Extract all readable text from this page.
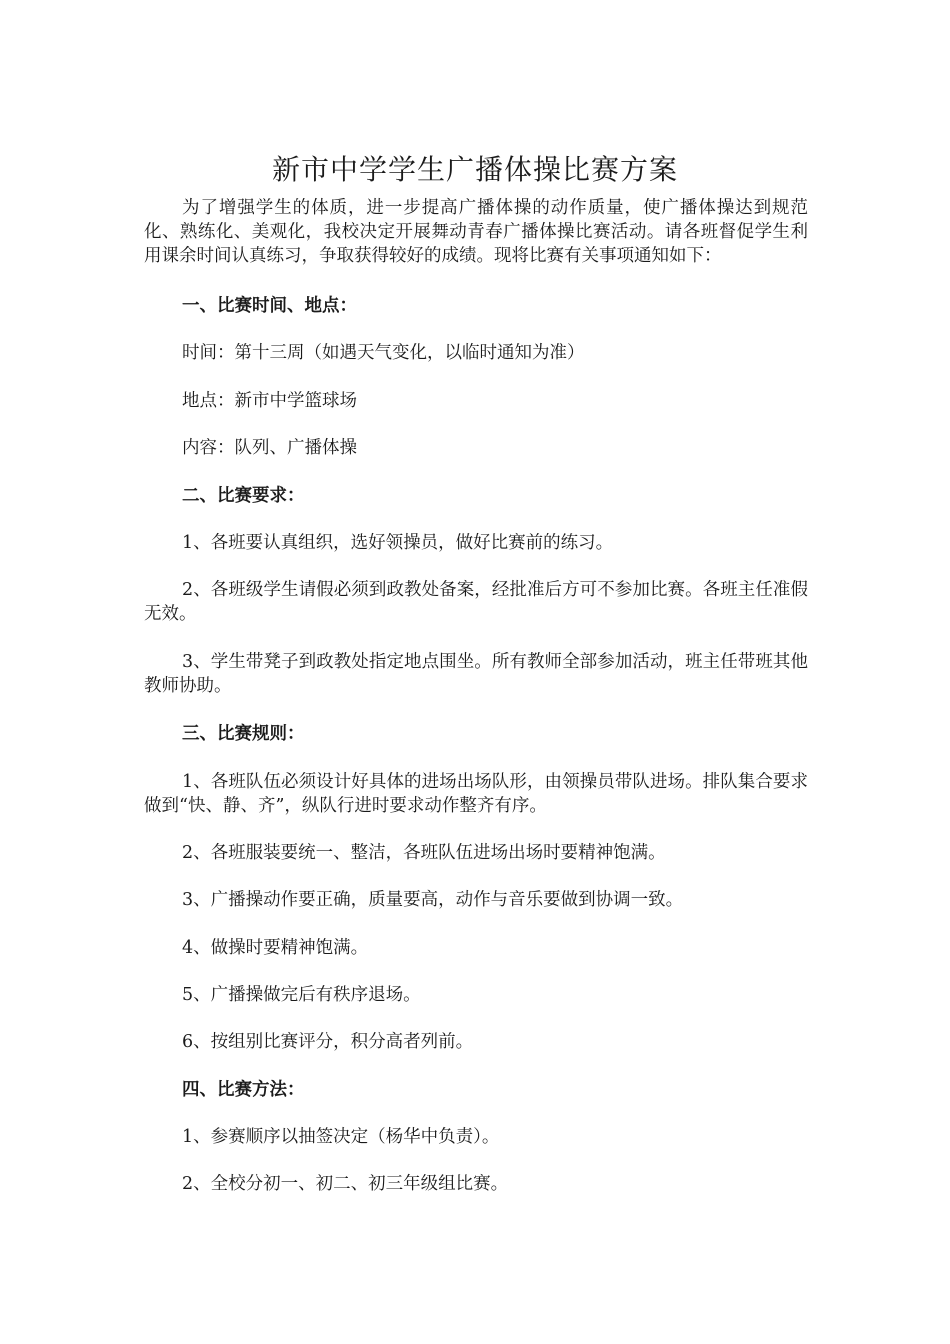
新市中学学生广播体操比赛方案

为了增强学生的体质，进一步提高广播体操的动作质量，使广播体操达到规范化、熟练化、美观化，我校决定开展舞动青春广播体操比赛活动。请各班督促学生利用课余时间认真练习，争取获得较好的成绩。现将比赛有关事项通知如下：

一、比赛时间、地点：

时间：第十三周（如遇天气变化，以临时通知为准）

地点：新市中学篮球场

内容：队列、广播体操

二、比赛要求：

1、各班要认真组织，选好领操员，做好比赛前的练习。

2、各班级学生请假必须到政教处备案，经批准后方可不参加比赛。各班主任准假无效。

3、学生带凳子到政教处指定地点围坐。所有教师全部参加活动，班主任带班其他教师协助。

三、比赛规则：

1、各班队伍必须设计好具体的进场出场队形，由领操员带队进场。排队集合要求做到“快、静、齐”，纵队行进时要求动作整齐有序。

2、各班服装要统一、整洁，各班队伍进场出场时要精神饱满。

3、广播操动作要正确，质量要高，动作与音乐要做到协调一致。

4、做操时要精神饱满。

5、广播操做完后有秩序退场。

6、按组别比赛评分，积分高者列前。

四、比赛方法：

1、参赛顺序以抽签决定（杨华中负责）。

2、全校分初一、初二、初三年级组比赛。
